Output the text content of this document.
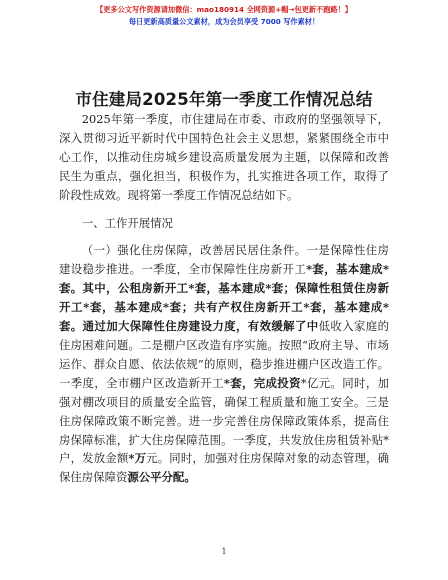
【更多公文写作资源请加微信：mao180914 全网资源+帽→包更新不跑路！】
每日更新高质量公文素材，成为会员享受 7000 写作素材！
市住建局2025年第一季度工作情况总结

2025年第一季度，市住建局在市委、市政府的坚强领导下，深入贯彻习近平新时代中国特色社会主义思想，紧紧围绕全市中心工作，以推动住房城乡建设高质量发展为主题，以保障和改善民生为重点，强化担当，积极作为，扎实推进各项工作，取得了阶段性成效。现将第一季度工作情况总结如下。

一、工作开展情况

（一）强化住房保障，改善居民居住条件。一是保障性住房建设稳步推进。一季度，全市保障性住房新开工*套，基本建成*套。其中，公租房新开工*套，基本建成*套；保障性租赁住房新开工*套，基本建成*套；共有产权住房新开工*套，基本建成*套。通过加大保障性住房建设力度，有效缓解了中低收入家庭的住房困难问题。二是棚户区改造有序实施。按照“政府主导、市场运作、群众自愿、依法依规”的原则，稳步推进棚户区改造工作。一季度，全市棚户区改造新开工*套，完成投资*亿元。同时，加强对棚改项目的质量安全监管，确保工程质量和施工安全。三是住房保障政策不断完善。进一步完善住房保障政策体系，提高住房保障标准，扩大住房保障范围。一季度，共发放住房租赁补贴*户，发放金额*万元。同时，加强对住房保障对象的动态管理，确保住房保障资源公平分配。

1
